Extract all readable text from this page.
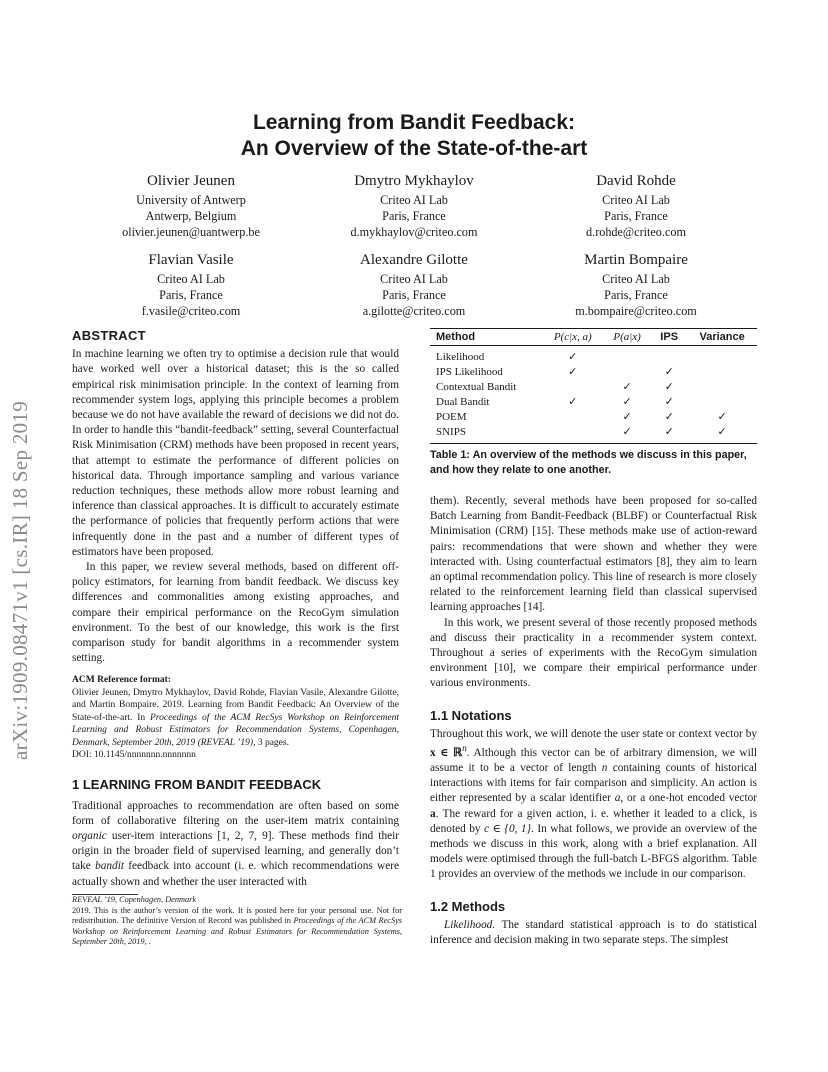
Learning from Bandit Feedback:
An Overview of the State-of-the-art
Olivier Jeunen
University of Antwerp
Antwerp, Belgium
olivier.jeunen@uantwerp.be
Dmytro Mykhaylov
Criteo AI Lab
Paris, France
d.mykhaylov@criteo.com
David Rohde
Criteo AI Lab
Paris, France
d.rohde@criteo.com
Flavian Vasile
Criteo AI Lab
Paris, France
f.vasile@criteo.com
Alexandre Gilotte
Criteo AI Lab
Paris, France
a.gilotte@criteo.com
Martin Bompaire
Criteo AI Lab
Paris, France
m.bompaire@criteo.com
arXiv:1909.08471v1 [cs.IR] 18 Sep 2019
ABSTRACT

In machine learning we often try to optimise a decision rule that would have worked well over a historical dataset; this is the so called empirical risk minimisation principle. In the context of learning from recommender system logs, applying this principle becomes a problem because we do not have available the reward of decisions we did not do. In order to handle this “bandit-feedback” setting, several Counterfactual Risk Minimisation (CRM) methods have been proposed in recent years, that attempt to estimate the performance of different policies on historical data. Through importance sampling and various variance reduction techniques, these methods allow more robust learning and inference than classical approaches. It is difficult to accurately estimate the performance of policies that frequently perform actions that were infrequently done in the past and a number of different types of estimators have been proposed.

In this paper, we review several methods, based on different off-policy estimators, for learning from bandit feedback. We discuss key differences and commonalities among existing approaches, and compare their empirical performance on the RecoGym simulation environment. To the best of our knowledge, this work is the first comparison study for bandit algorithms in a recommender system setting.

ACM Reference format:
Olivier Jeunen, Dmytro Mykhaylov, David Rohde, Flavian Vasile, Alexandre Gilotte, and Martin Bompaire. 2019. Learning from Bandit Feedback: An Overview of the State-of-the-art. In Proceedings of the ACM RecSys Workshop on Reinforcement Learning and Robust Estimators for Recommendation Systems, Copenhagen, Denmark, September 20th, 2019 (REVEAL ’19), 3 pages.
DOI: 10.1145/nnnnnnn.nnnnnnn
1 LEARNING FROM BANDIT FEEDBACK

Traditional approaches to recommendation are often based on some form of collaborative filtering on the user-item matrix containing organic user-item interactions [1, 2, 7, 9]. These methods find their origin in the broader field of supervised learning, and generally don’t take bandit feedback into account (i. e. which recommendations were actually shown and whether the user interacted with

REVEAL ’19, Copenhagen, Denmark
2019. This is the author’s version of the work. It is posted here for your personal use. Not for redistribution. The definitive Version of Record was published in Proceedings of the ACM RecSys Workshop on Reinforcement Learning and Robust Estimators for Recommendation Systems, September 20th, 2019, .
Method	P(c|x, a)	P(a|x)	IPS	Variance
Likelihood	✓			
IPS Likelihood	✓		✓	
Contextual Bandit		✓	✓	
Dual Bandit	✓	✓	✓	
POEM		✓	✓	✓
SNIPS		✓	✓	✓
Table 1: An overview of the methods we discuss in this paper, and how they relate to one another.

them). Recently, several methods have been proposed for so-called Batch Learning from Bandit-Feedback (BLBF) or Counterfactual Risk Minimisation (CRM) [15]. These methods make use of action-reward pairs: recommendations that were shown and whether they were interacted with. Using counterfactual estimators [8], they aim to learn an optimal recommendation policy. This line of research is more closely related to the reinforcement learning field than classical supervised learning approaches [14].

In this work, we present several of those recently proposed methods and discuss their practicality in a recommender system context. Throughout a series of experiments with the RecoGym simulation environment [10], we compare their empirical performance under various environments.

1.1 Notations

Throughout this work, we will denote the user state or context vector by x ∈ ℝ$^n$. Although this vector can be of arbitrary dimension, we will assume it to be a vector of length n containing counts of historical interactions with items for fair comparison and simplicity. An action is either represented by a scalar identifier a, or a one-hot encoded vector a. The reward for a given action, i. e. whether it leaded to a click, is denoted by c ∈ {0, 1}. In what follows, we provide an overview of the methods we discuss in this work, along with a brief explanation. All models were optimised through the full-batch L-BFGS algorithm. Table 1 provides an overview of the methods we include in our comparison.

1.2 Methods

Likelihood. The standard statistical approach is to do statistical inference and decision making in two separate steps. The simplest
